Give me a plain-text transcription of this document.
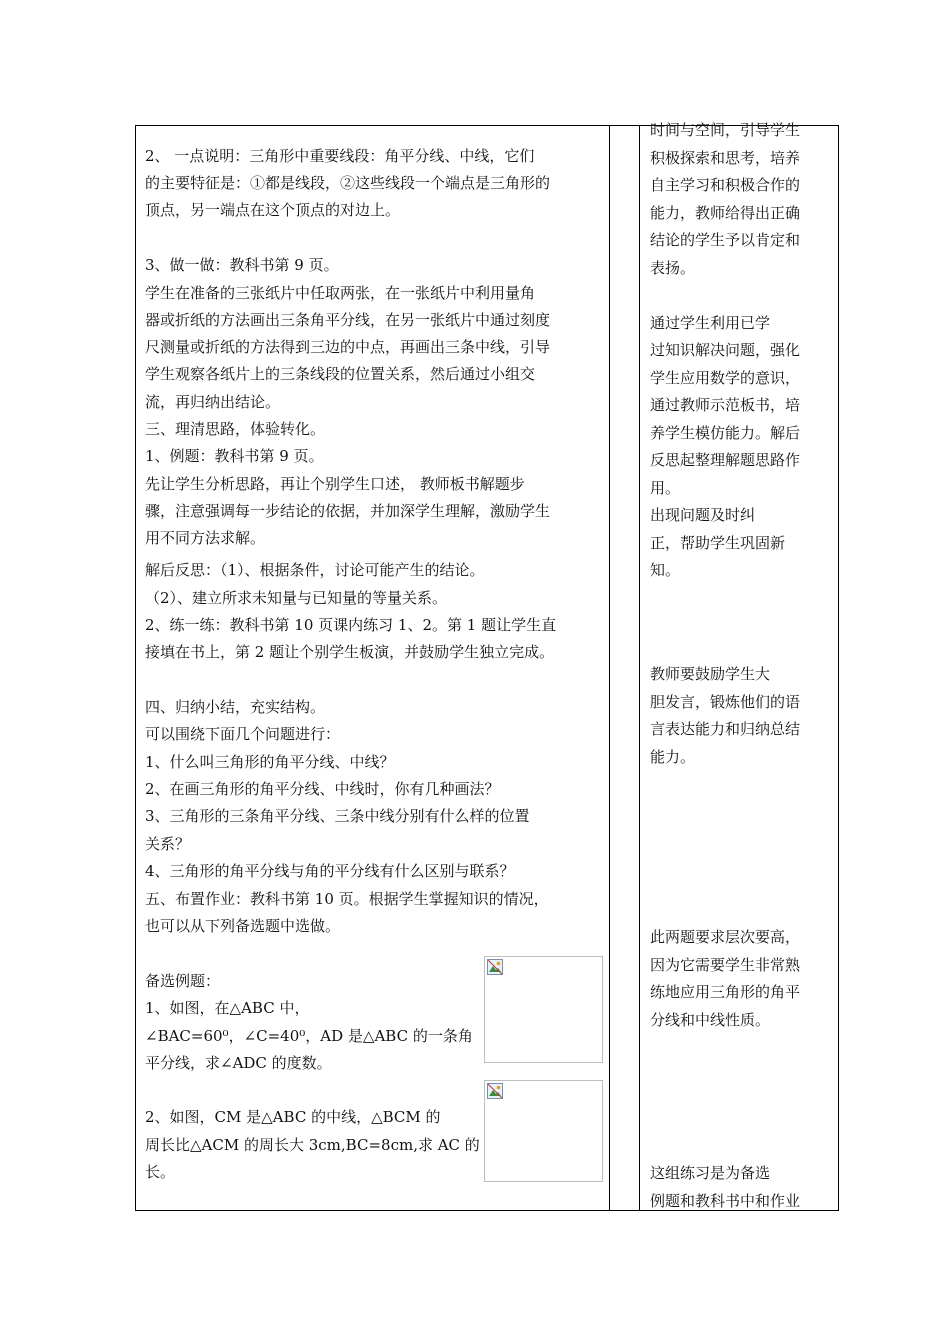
2、 一点说明：三角形中重要线段：角平分线、中线，它们
的主要特征是：①都是线段，②这些线段一个端点是三角形的
顶点，另一端点在这个顶点的对边上。
3、做一做：教科书第 9 页。
学生在准备的三张纸片中任取两张，在一张纸片中利用量角
器或折纸的方法画出三条角平分线，在另一张纸片中通过刻度
尺测量或折纸的方法得到三边的中点，再画出三条中线，引导
学生观察各纸片上的三条线段的位置关系，然后通过小组交
流，再归纳出结论。
三、理清思路，体验转化。
1、例题：教科书第 9 页。
先让学生分析思路，再让个别学生口述， 教师板书解题步
骤，注意强调每一步结论的依据，并加深学生理解，激励学生
用不同方法求解。
解后反思：（1）、根据条件，讨论可能产生的结论。
（2）、建立所求未知量与已知量的等量关系。
2、练一练：教科书第 10 页课内练习 1、2。第 1 题让学生直
接填在书上，第 2 题让个别学生板演，并鼓励学生独立完成。
四、归纳小结，充实结构。
可以围绕下面几个问题进行：
1、什么叫三角形的角平分线、中线？
2、在画三角形的角平分线、中线时，你有几种画法？
3、三角形的三条角平分线、三条中线分别有什么样的位置
关系？
4、三角形的角平分线与角的平分线有什么区别与联系？
五、布置作业：教科书第 10 页。根据学生掌握知识的情况，
也可以从下列备选题中选做。
备选例题：
1、如图，在△ABC 中，
∠BAC=60⁰，∠C=40⁰，AD 是△ABC 的一条角
平分线，求∠ADC 的度数。
2、如图，CM 是△ABC 的中线，△BCM 的
周长比△ACM 的周长大 3cm,BC=8cm,求 AC 的
长。
时间与空间，引导学生
积极探索和思考，培养
自主学习和积极合作的
能力，教师给得出正确
结论的学生予以肯定和
表扬。
通过学生利用已学
过知识解决问题，强化
学生应用数学的意识，
通过教师示范板书，培
养学生模仿能力。解后
反思起整理解题思路作
用。
出现问题及时纠
正，帮助学生巩固新
知。
教师要鼓励学生大
胆发言，锻炼他们的语
言表达能力和归纳总结
能力。
此两题要求层次要高，
因为它需要学生非常熟
练地应用三角形的角平
分线和中线性质。
这组练习是为备选
例题和教科书中和作业
